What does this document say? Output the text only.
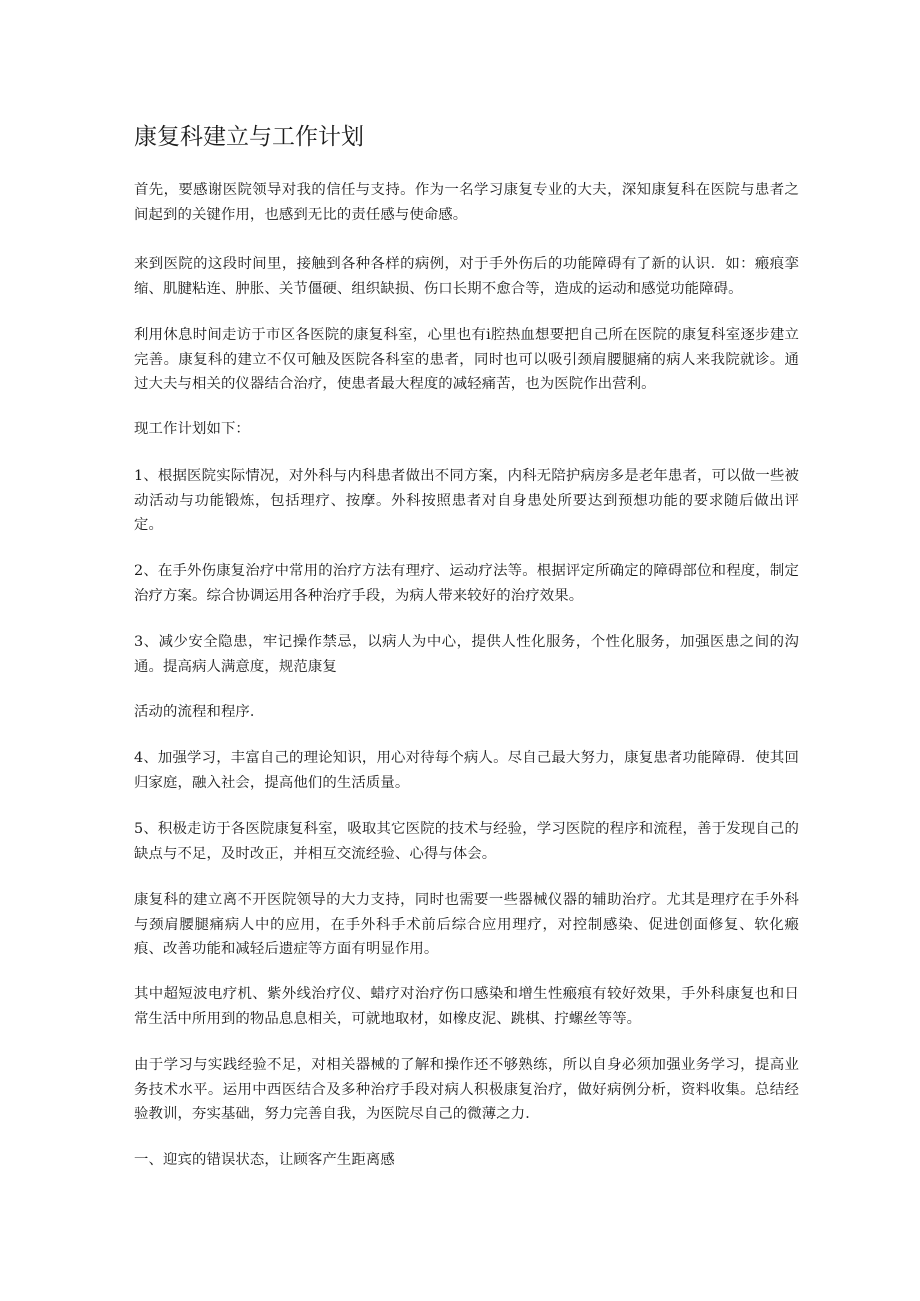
康复科建立与工作计划

首先，要感谢医院领导对我的信任与支持。作为一名学习康复专业的大夫，深知康复科在医院与患者之间起到的关键作用，也感到无比的责任感与使命感。

来到医院的这段时间里，接触到各种各样的病例，对于手外伤后的功能障碍有了新的认识．如：瘢痕挛缩、肌腱粘连、肿胀、关节僵硬、组织缺损、伤口长期不愈合等，造成的运动和感觉功能障碍。

利用休息时间走访于市区各医院的康复科室，心里也有ⅰ腔热血想要把自己所在医院的康复科室逐步建立完善。康复科的建立不仅可触及医院各科室的患者，同时也可以吸引颈肩腰腿痛的病人来我院就诊。通过大夫与相关的仪器结合治疗，使患者最大程度的减轻痛苦，也为医院作出营利。

现工作计划如下：

1、根据医院实际情况，对外科与内科患者做出不同方案，内科无陪护病房多是老年患者，可以做一些被动活动与功能锻炼，包括理疗、按摩。外科按照患者对自身患处所要达到预想功能的要求随后做出评定。

2、在手外伤康复治疗中常用的治疗方法有理疗、运动疗法等。根据评定所确定的障碍部位和程度，制定治疗方案。综合协调运用各种治疗手段，为病人带来较好的治疗效果。

3、减少安全隐患，牢记操作禁忌，以病人为中心，提供人性化服务，个性化服务，加强医患之间的沟通。提高病人满意度，规范康复

活动的流程和程序．

4、加强学习，丰富自己的理论知识，用心对待每个病人。尽自己最大努力，康复患者功能障碍．使其回归家庭，融入社会，提高他们的生活质量。

5、积极走访于各医院康复科室，吸取其它医院的技术与经验，学习医院的程序和流程，善于发现自己的缺点与不足，及时改正，并相互交流经验、心得与体会。

康复科的建立离不开医院领导的大力支持，同时也需要一些器械仪器的辅助治疗。尤其是理疗在手外科与颈肩腰腿痛病人中的应用，在手外科手术前后综合应用理疗，对控制感染、促进创面修复、软化瘢痕、改善功能和减轻后遗症等方面有明显作用。

其中超短波电疗机、紫外线治疗仪、蜡疗对治疗伤口感染和增生性瘢痕有较好效果，手外科康复也和日常生活中所用到的物品息息相关，可就地取材，如橡皮泥、跳棋、拧螺丝等等。

由于学习与实践经验不足，对相关器械的了解和操作还不够熟练，所以自身必须加强业务学习，提高业务技术水平。运用中西医结合及多种治疗手段对病人积极康复治疗，做好病例分析，资料收集。总结经验教训，夯实基础，努力完善自我，为医院尽自己的微薄之力．

一、迎宾的错误状态，让顾客产生距离感
